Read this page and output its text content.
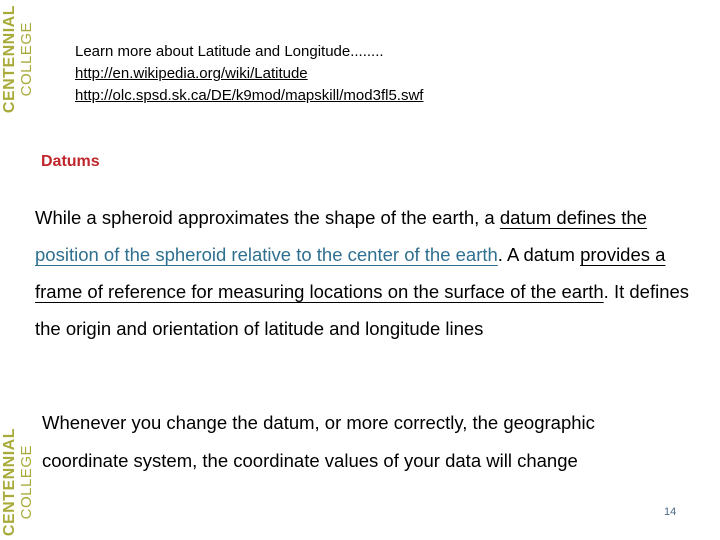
CENTENNIAL COLLEGE	Learn more about Latitude and Longitude........
http://en.wikipedia.org/wiki/Latitude
http://olc.spsd.sk.ca/DE/k9mod/mapskill/mod3fl5.swf
Datums
While a spheroid approximates the shape of the earth, a datum defines the
position of the spheroid relative to the center of the earth. A datum provides a frame of reference for measuring locations on the surface of the earth. It defines the origin and orientation of latitude and longitude lines
Whenever you change the datum, or more correctly, the geographic coordinate system, the coordinate values of your data will change
CENTENNIAL COLLEGE	14
